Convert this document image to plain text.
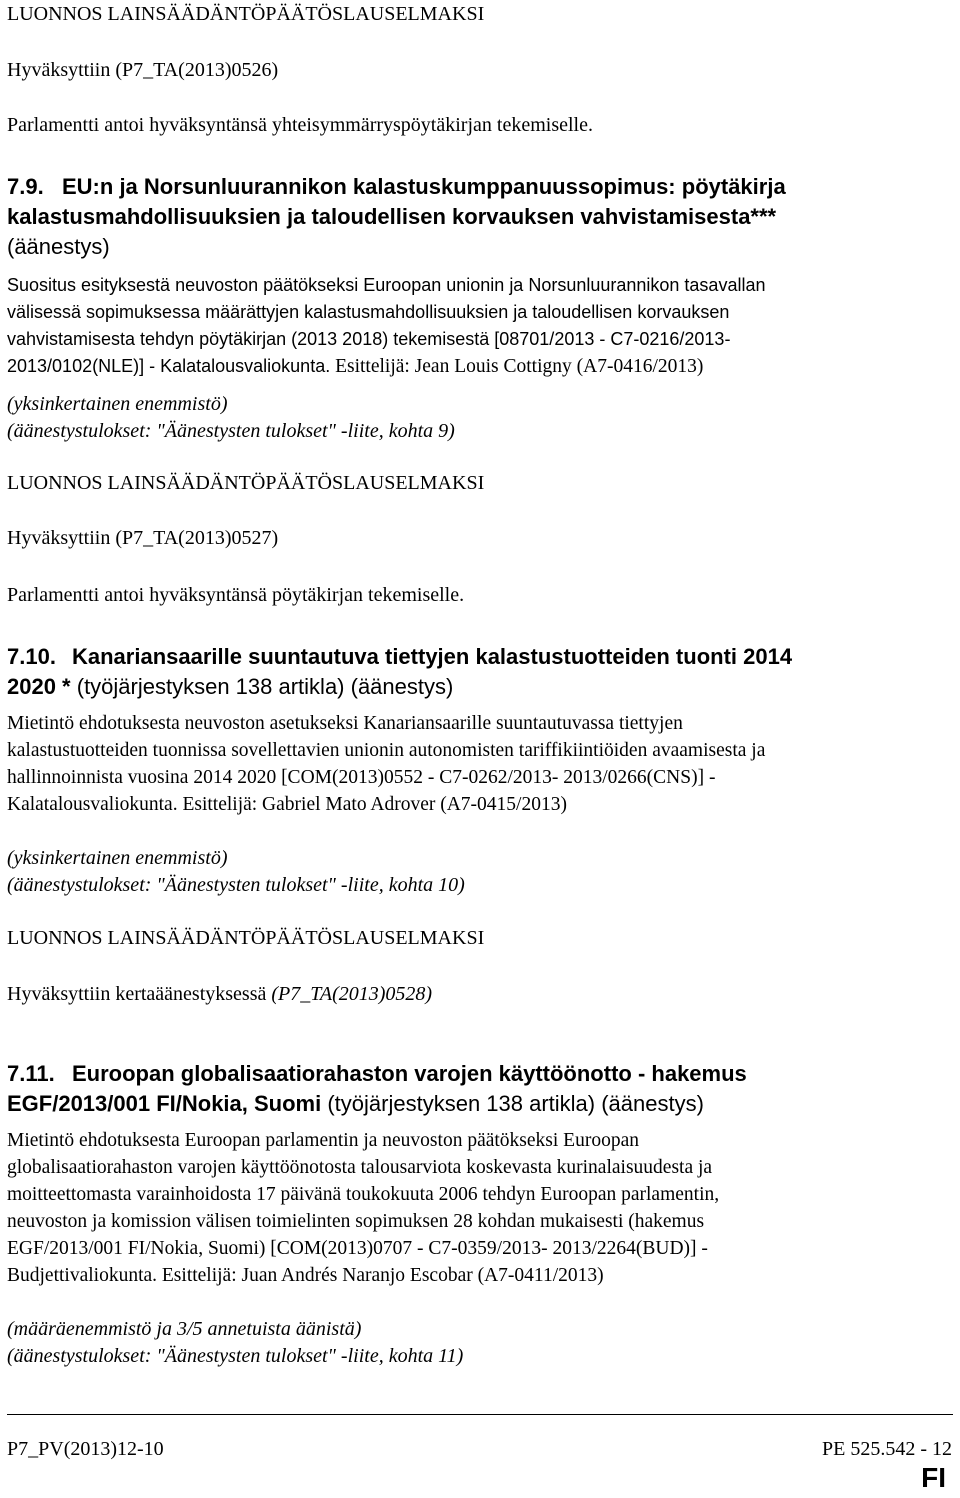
LUONNOS LAINSÄÄDÄNTÖPÄÄTÖSLAUSELMAKSI
Hyväksyttiin (P7_TA(2013)0526)
Parlamentti antoi hyväksyntänsä yhteisymmärryspöytäkirjan tekemiselle.
7.9. EU:n ja Norsunluurannikon kalastuskumppanuussopimus: pöytäkirja
kalastusmahdollisuuksien ja taloudellisen korvauksen vahvistamisesta***
(äänestys)
Suositus esityksestä neuvoston päätökseksi Euroopan unionin ja Norsunluurannikon tasavallan
välisessä sopimuksessa määrättyjen kalastusmahdollisuuksien ja taloudellisen korvauksen
vahvistamisesta tehdyn pöytäkirjan (2013 2018) tekemisestä [08701/2013 - C7-0216/2013-
2013/0102(NLE)] - Kalatalousvaliokunta. Esittelijä: Jean Louis Cottigny (A7-0416/2013)
(yksinkertainen enemmistö)
(äänestystulokset: "Äänestysten tulokset" -liite, kohta 9)
LUONNOS LAINSÄÄDÄNTÖPÄÄTÖSLAUSELMAKSI
Hyväksyttiin (P7_TA(2013)0527)
Parlamentti antoi hyväksyntänsä pöytäkirjan tekemiselle.
7.10. Kanariansaarille suuntautuva tiettyjen kalastustuotteiden tuonti 2014
2020 * (työjärjestyksen 138 artikla) (äänestys)
Mietintö ehdotuksesta neuvoston asetukseksi Kanariansaarille suuntautuvassa tiettyjen
kalastustuotteiden tuonnissa sovellettavien unionin autonomisten tariffikiintiöiden avaamisesta ja
hallinnoinnista vuosina 2014 2020 [COM(2013)0552 - C7-0262/2013- 2013/0266(CNS)] -
Kalatalousvaliokunta. Esittelijä: Gabriel Mato Adrover (A7-0415/2013)
(yksinkertainen enemmistö)
(äänestystulokset: "Äänestysten tulokset" -liite, kohta 10)
LUONNOS LAINSÄÄDÄNTÖPÄÄTÖSLAUSELMAKSI
Hyväksyttiin kertaäänestyksessä (P7_TA(2013)0528)
7.11. Euroopan globalisaatiorahaston varojen käyttöönotto - hakemus
EGF/2013/001 FI/Nokia, Suomi (työjärjestyksen 138 artikla) (äänestys)
Mietintö ehdotuksesta Euroopan parlamentin ja neuvoston päätökseksi Euroopan
globalisaatiorahaston varojen käyttöönotosta talousarviota koskevasta kurinalaisuudesta ja
moitteettomasta varainhoidosta 17 päivänä toukokuuta 2006 tehdyn Euroopan parlamentin,
neuvoston ja komission välisen toimielinten sopimuksen 28 kohdan mukaisesti (hakemus
EGF/2013/001 FI/Nokia, Suomi) [COM(2013)0707 - C7-0359/2013- 2013/2264(BUD)] -
Budjettivaliokunta. Esittelijä: Juan Andrés Naranjo Escobar (A7-0411/2013)
(määräenemmistö ja 3/5 annetuista äänistä)
(äänestystulokset: "Äänestysten tulokset" -liite, kohta 11)
P7_PV(2013)12-10	PE 525.542 - 12
FI
